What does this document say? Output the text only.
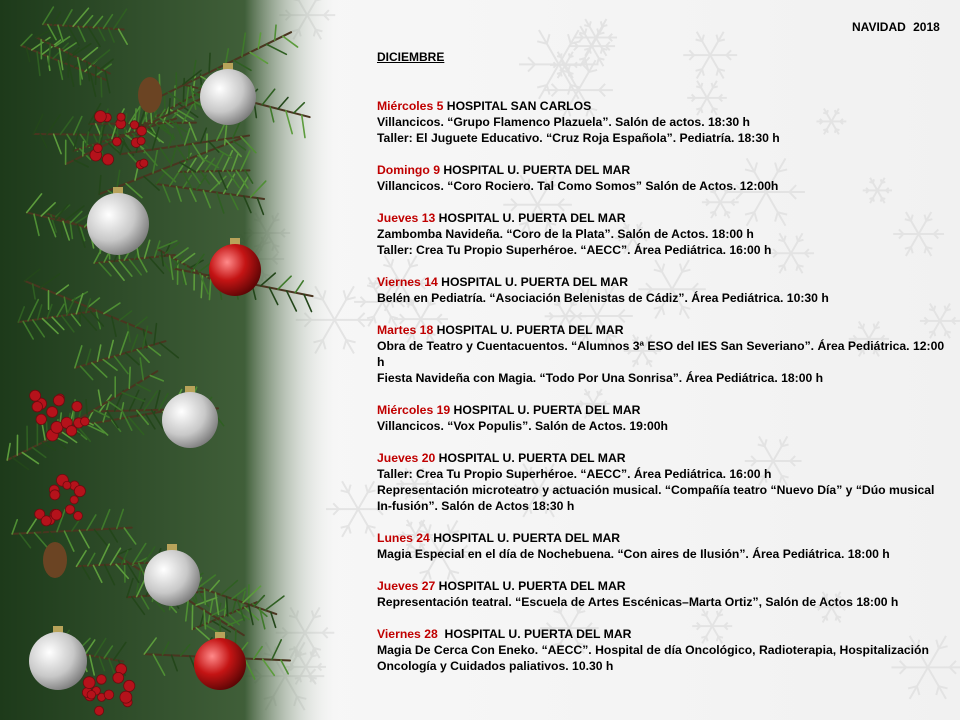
NAVIDAD 2018
DICIEMBRE
Miércoles 5 HOSPITAL SAN CARLOS
Villancicos. “Grupo Flamenco Plazuela”. Salón de actos. 18:30 h
Taller: El Juguete Educativo. “Cruz Roja Española”. Pediatría. 18:30 h
Domingo 9 HOSPITAL U. PUERTA DEL MAR
Villancicos. “Coro Rociero. Tal Como Somos” Salón de Actos. 12:00h
Jueves 13 HOSPITAL U. PUERTA DEL MAR
Zambomba Navideña. “Coro de la Plata”. Salón de Actos. 18:00 h
Taller: Crea Tu Propio Superhéroe. “AECC”. Área Pediátrica. 16:00 h
Viernes 14 HOSPITAL U. PUERTA DEL MAR
Belén en Pediatría. “Asociación Belenistas de Cádiz”. Área Pediátrica. 10:30 h
Martes 18 HOSPITAL U. PUERTA DEL MAR
Obra de Teatro y Cuentacuentos. “Alumnos 3ª ESO del IES San Severiano”. Área Pediátrica. 12:00 h
Fiesta Navideña con Magia. “Todo Por Una Sonrisa”. Área Pediátrica. 18:00 h
Miércoles 19 HOSPITAL U. PUERTA DEL MAR
Villancicos. “Vox Populis”. Salón de Actos. 19:00h
Jueves 20 HOSPITAL U. PUERTA DEL MAR
Taller: Crea Tu Propio Superhéroe. “AECC”. Área Pediátrica. 16:00 h
Representación microteatro y actuación musical. “Compañía teatro “Nuevo Día” y “Dúo musical In-fusión”. Salón de Actos 18:30 h
Lunes 24 HOSPITAL U. PUERTA DEL MAR
Magia Especial en el día de Nochebuena. “Con aires de Ilusión”. Área Pediátrica. 18:00 h
Jueves 27 HOSPITAL U. PUERTA DEL MAR
Representación teatral. “Escuela de Artes Escénicas–Marta Ortiz”, Salón de Actos 18:00 h
Viernes 28  HOSPITAL U. PUERTA DEL MAR
Magia De Cerca Con Eneko. “AECC”. Hospital de día Oncológico, Radioterapia, Hospitalización Oncología y Cuidados paliativos. 10.30 h
